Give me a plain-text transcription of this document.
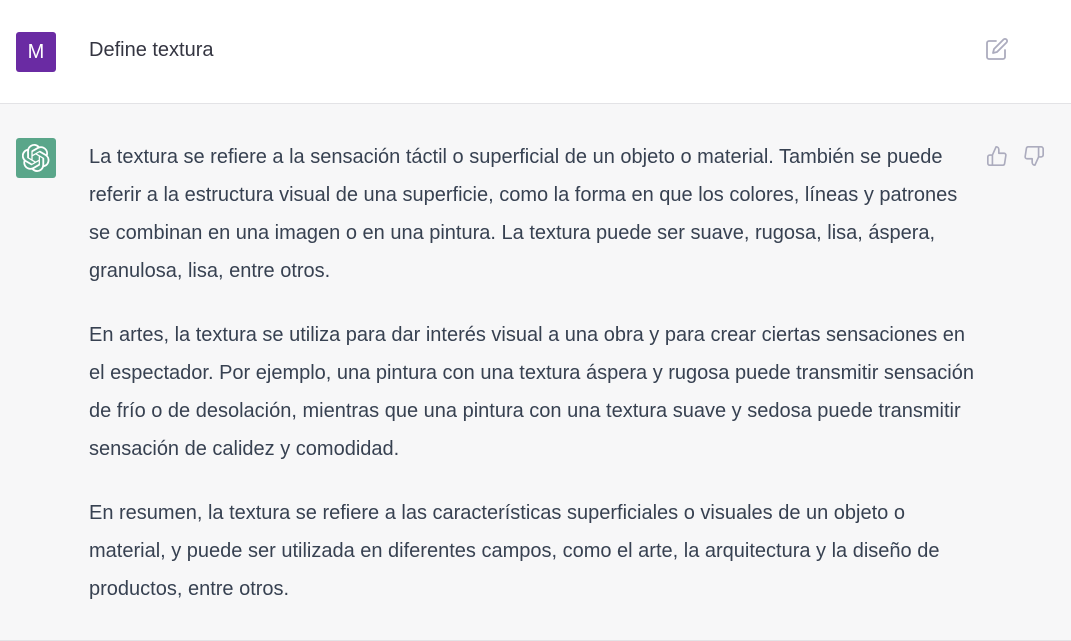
M	Define textura

La textura se refiere a la sensación táctil o superficial de un objeto o material. También se puede referir a la estructura visual de una superficie, como la forma en que los colores, líneas y patrones se combinan en una imagen o en una pintura. La textura puede ser suave, rugosa, lisa, áspera, granulosa, lisa, entre otros.

En artes, la textura se utiliza para dar interés visual a una obra y para crear ciertas sensaciones en el espectador. Por ejemplo, una pintura con una textura áspera y rugosa puede transmitir sensación de frío o de desolación, mientras que una pintura con una textura suave y sedosa puede transmitir sensación de calidez y comodidad.

En resumen, la textura se refiere a las características superficiales o visuales de un objeto o material, y puede ser utilizada en diferentes campos, como el arte, la arquitectura y la diseño de productos, entre otros.
